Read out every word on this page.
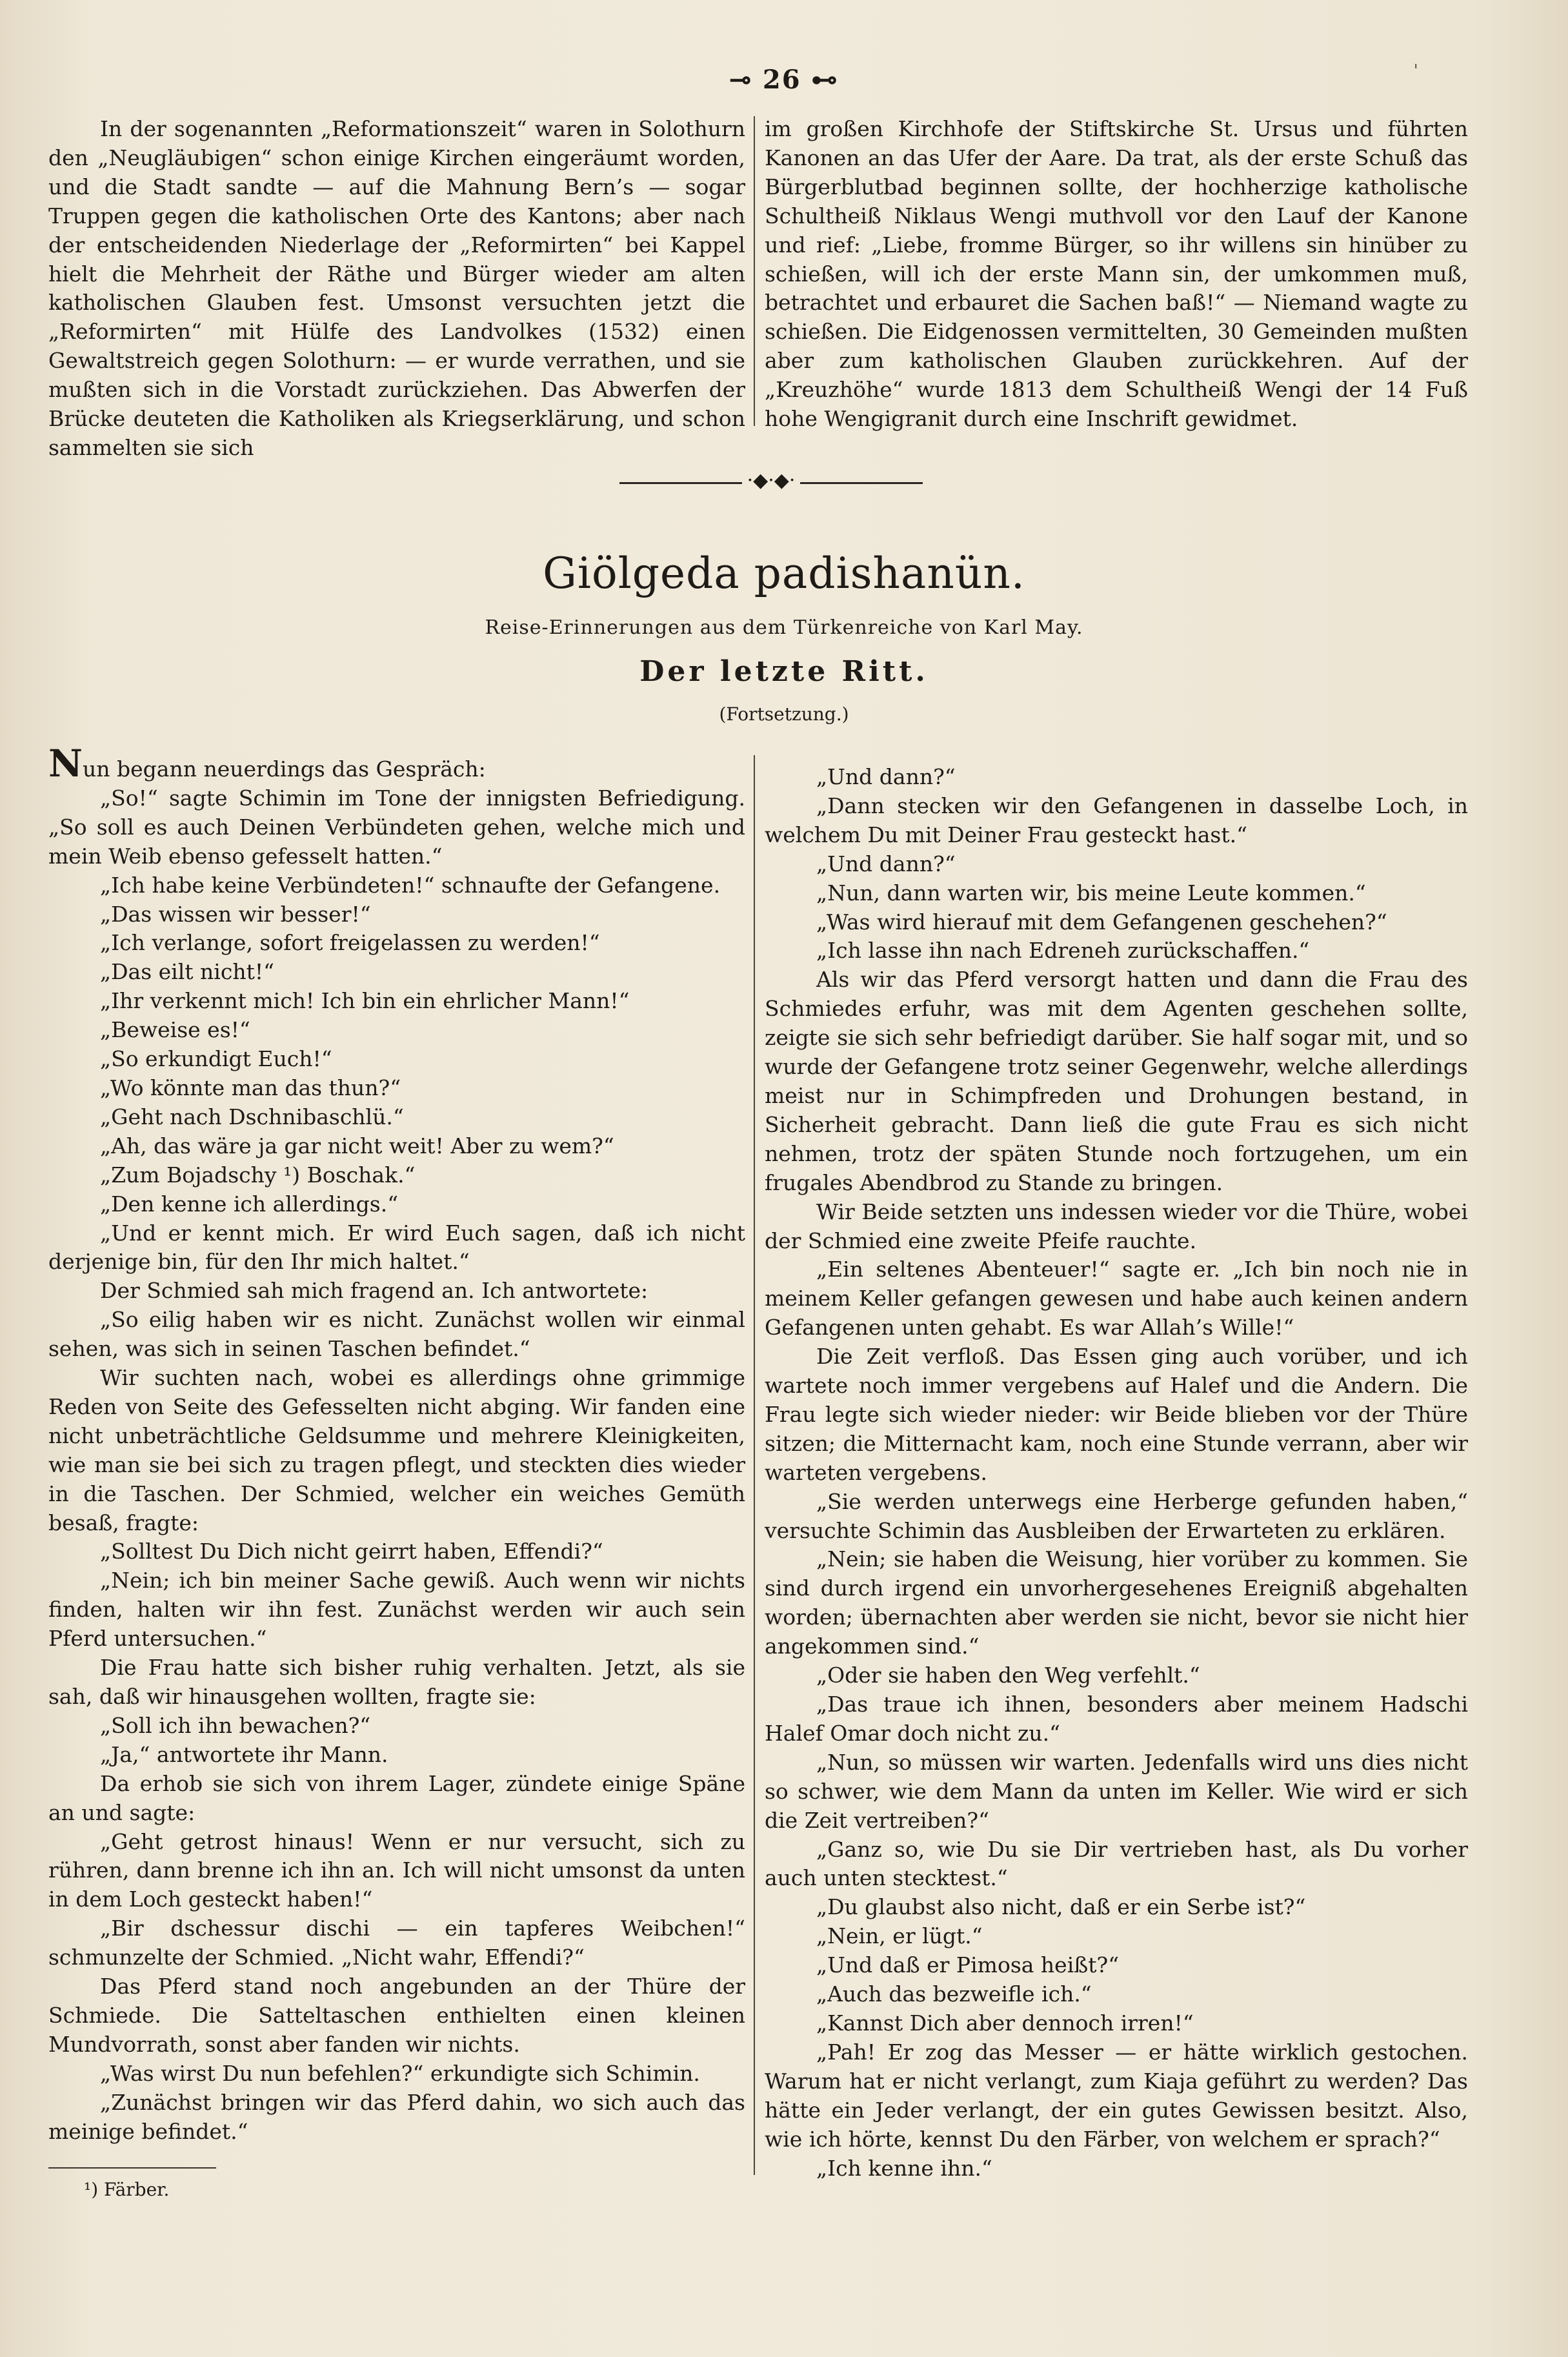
ˈ
⊸ 26 ⊷

In der sogenannten „Reformationszeit“ waren in Solothurn den „Neugläubigen“ schon einige Kirchen eingeräumt worden, und die Stadt sandte — auf die Mahnung Bern’s — sogar Truppen gegen die katholischen Orte des Kantons; aber nach der entscheidenden Niederlage der „Reformirten“ bei Kappel hielt die Mehrheit der Räthe und Bürger wieder am alten katholischen Glauben fest. Umsonst versuchten jetzt die „Reformirten“ mit Hülfe des Landvolkes (1532) einen Gewaltstreich gegen Solothurn: — er wurde verrathen, und sie mußten sich in die Vorstadt zurückziehen. Das Abwerfen der Brücke deuteten die Katholiken als Kriegserklärung, und schon sammelten sie sich

im großen Kirchhofe der Stiftskirche St. Ursus und führten Kanonen an das Ufer der Aare. Da trat, als der erste Schuß das Bürgerblutbad beginnen sollte, der hochherzige katholische Schultheiß Niklaus Wengi muthvoll vor den Lauf der Kanone und rief: „Liebe, fromme Bürger, so ihr willens sin hinüber zu schießen, will ich der erste Mann sin, der umkommen muß, betrachtet und erbauret die Sachen baß!“ — Niemand wagte zu schießen. Die Eidgenossen vermittelten, 30 Gemeinden mußten aber zum katholischen Glauben zurückkehren. Auf der „Kreuzhöhe“ wurde 1813 dem Schultheiß Wengi der 14 Fuß hohe Wengigranit durch eine Inschrift gewidmet.

·◆·◆·
Giölgeda padishanün.
Reise-Erinnerungen aus dem Türkenreiche von Karl May.
Der letzte Ritt.
(Fortsetzung.)

Nun begann neuerdings das Gespräch:

„So!“ sagte Schimin im Tone der innigsten Befriedigung. „So soll es auch Deinen Verbündeten gehen, welche mich und mein Weib ebenso gefesselt hatten.“

„Ich habe keine Verbündeten!“ schnaufte der Gefangene.

„Das wissen wir besser!“

„Ich verlange, sofort freigelassen zu werden!“

„Das eilt nicht!“

„Ihr verkennt mich! Ich bin ein ehrlicher Mann!“

„Beweise es!“

„So erkundigt Euch!“

„Wo könnte man das thun?“

„Geht nach Dschnibaschlü.“

„Ah, das wäre ja gar nicht weit! Aber zu wem?“

„Zum Bojadschy ¹) Boschak.“

„Den kenne ich allerdings.“

„Und er kennt mich. Er wird Euch sagen, daß ich nicht derjenige bin, für den Ihr mich haltet.“

Der Schmied sah mich fragend an. Ich antwortete:

„So eilig haben wir es nicht. Zunächst wollen wir einmal sehen, was sich in seinen Taschen befindet.“

Wir suchten nach, wobei es allerdings ohne grimmige Reden von Seite des Gefesselten nicht abging. Wir fanden eine nicht unbeträchtliche Geldsumme und mehrere Kleinigkeiten, wie man sie bei sich zu tragen pflegt, und steckten dies wieder in die Taschen. Der Schmied, welcher ein weiches Gemüth besaß, fragte:

„Solltest Du Dich nicht geirrt haben, Effendi?“

„Nein; ich bin meiner Sache gewiß. Auch wenn wir nichts finden, halten wir ihn fest. Zunächst werden wir auch sein Pferd untersuchen.“

Die Frau hatte sich bisher ruhig verhalten. Jetzt, als sie sah, daß wir hinausgehen wollten, fragte sie:

„Soll ich ihn bewachen?“

„Ja,“ antwortete ihr Mann.

Da erhob sie sich von ihrem Lager, zündete einige Späne an und sagte:

„Geht getrost hinaus! Wenn er nur versucht, sich zu rühren, dann brenne ich ihn an. Ich will nicht umsonst da unten in dem Loch gesteckt haben!“

„Bir dschessur dischi — ein tapferes Weibchen!“ schmunzelte der Schmied. „Nicht wahr, Effendi?“

Das Pferd stand noch angebunden an der Thüre der Schmiede. Die Satteltaschen enthielten einen kleinen Mundvorrath, sonst aber fanden wir nichts.

„Was wirst Du nun befehlen?“ erkundigte sich Schimin.

„Zunächst bringen wir das Pferd dahin, wo sich auch das meinige befindet.“

„Und dann?“

„Dann stecken wir den Gefangenen in dasselbe Loch, in welchem Du mit Deiner Frau gesteckt hast.“

„Und dann?“

„Nun, dann warten wir, bis meine Leute kommen.“

„Was wird hierauf mit dem Gefangenen geschehen?“

„Ich lasse ihn nach Edreneh zurückschaffen.“

Als wir das Pferd versorgt hatten und dann die Frau des Schmiedes erfuhr, was mit dem Agenten geschehen sollte, zeigte sie sich sehr befriedigt darüber. Sie half sogar mit, und so wurde der Gefangene trotz seiner Gegenwehr, welche allerdings meist nur in Schimpfreden und Drohungen bestand, in Sicherheit gebracht. Dann ließ die gute Frau es sich nicht nehmen, trotz der späten Stunde noch fortzugehen, um ein frugales Abendbrod zu Stande zu bringen.

Wir Beide setzten uns indessen wieder vor die Thüre, wobei der Schmied eine zweite Pfeife rauchte.

„Ein seltenes Abenteuer!“ sagte er. „Ich bin noch nie in meinem Keller gefangen gewesen und habe auch keinen andern Gefangenen unten gehabt. Es war Allah’s Wille!“

Die Zeit verfloß. Das Essen ging auch vorüber, und ich wartete noch immer vergebens auf Halef und die Andern. Die Frau legte sich wieder nieder: wir Beide blieben vor der Thüre sitzen; die Mitternacht kam, noch eine Stunde verrann, aber wir warteten vergebens.

„Sie werden unterwegs eine Herberge gefunden haben,“ versuchte Schimin das Ausbleiben der Erwarteten zu erklären.

„Nein; sie haben die Weisung, hier vorüber zu kommen. Sie sind durch irgend ein unvorhergesehenes Ereigniß abgehalten worden; übernachten aber werden sie nicht, bevor sie nicht hier angekommen sind.“

„Oder sie haben den Weg verfehlt.“

„Das traue ich ihnen, besonders aber meinem Hadschi Halef Omar doch nicht zu.“

„Nun, so müssen wir warten. Jedenfalls wird uns dies nicht so schwer, wie dem Mann da unten im Keller. Wie wird er sich die Zeit vertreiben?“

„Ganz so, wie Du sie Dir vertrieben hast, als Du vorher auch unten stecktest.“

„Du glaubst also nicht, daß er ein Serbe ist?“

„Nein, er lügt.“

„Und daß er Pimosa heißt?“

„Auch das bezweifle ich.“

„Kannst Dich aber dennoch irren!“

„Pah! Er zog das Messer — er hätte wirklich gestochen. Warum hat er nicht verlangt, zum Kiaja geführt zu werden? Das hätte ein Jeder verlangt, der ein gutes Gewissen besitzt. Also, wie ich hörte, kennst Du den Färber, von welchem er sprach?“

„Ich kenne ihn.“

¹) Färber.
